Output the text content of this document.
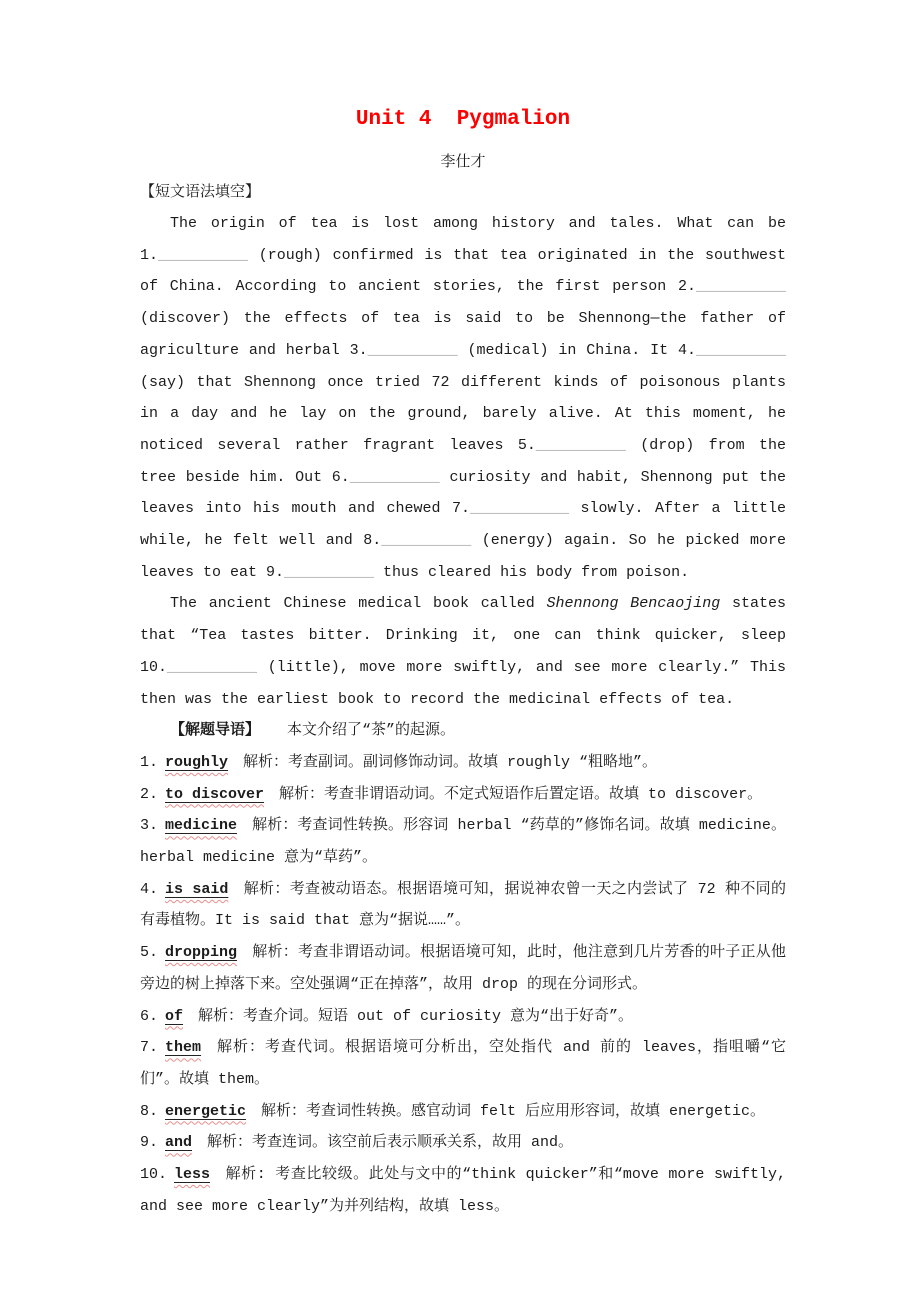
Unit 4  Pygmalion
李仕才
【短文语法填空】

The origin of tea is lost among history and tales. What can be 1.__________ (rough) confirmed is that tea originated in the southwest of China. According to ancient stories, the first person 2.__________ (discover) the effects of tea is said to be Shennong—the father of agriculture and herbal 3.__________ (medical) in China. It 4.__________ (say) that Shennong once tried 72 different kinds of poisonous plants in a day and he lay on the ground, barely alive. At this moment, he noticed several rather fragrant leaves 5.__________ (drop) from the tree beside him. Out 6.__________ curiosity and habit, Shennong put the leaves into his mouth and chewed 7.___________ slowly. After a little while, he felt well and 8.__________ (energy) again. So he picked more leaves to eat 9.__________ thus cleared his body from poison.

The ancient Chinese medical book called Shennong Bencaojing states that “Tea tastes bitter. Drinking it, one can think quicker, sleep 10.__________ (little), move more swiftly, and see more clearly.” This then was the earliest book to record the medicinal effects of tea.

【解题导语】 本文介绍了“茶”的起源。

1. roughly 解析：考查副词。副词修饰动词。故填 roughly “粗略地”。

2. to discover 解析：考查非谓语动词。不定式短语作后置定语。故填 to discover。

3. medicine 解析：考查词性转换。形容词 herbal “药草的”修饰名词。故填 medicine。herbal medicine 意为“草药”。

4. is said 解析：考查被动语态。根据语境可知，据说神农曾一天之内尝试了 72 种不同的有毒植物。It is said that 意为“据说……”。

5. dropping 解析：考查非谓语动词。根据语境可知，此时，他注意到几片芳香的叶子正从他旁边的树上掉落下来。空处强调“正在掉落”，故用 drop 的现在分词形式。

6. of 解析：考查介词。短语 out of curiosity 意为“出于好奇”。

7. them 解析：考查代词。根据语境可分析出，空处指代 and 前的 leaves，指咀嚼“它们”。故填 them。

8. energetic 解析：考查词性转换。感官动词 felt 后应用形容词，故填 energetic。

9. and 解析：考查连词。该空前后表示顺承关系，故用 and。

10. less 解析: 考查比较级。此处与文中的“think quicker”和“move more swiftly, and see more clearly”为并列结构，故填 less。
